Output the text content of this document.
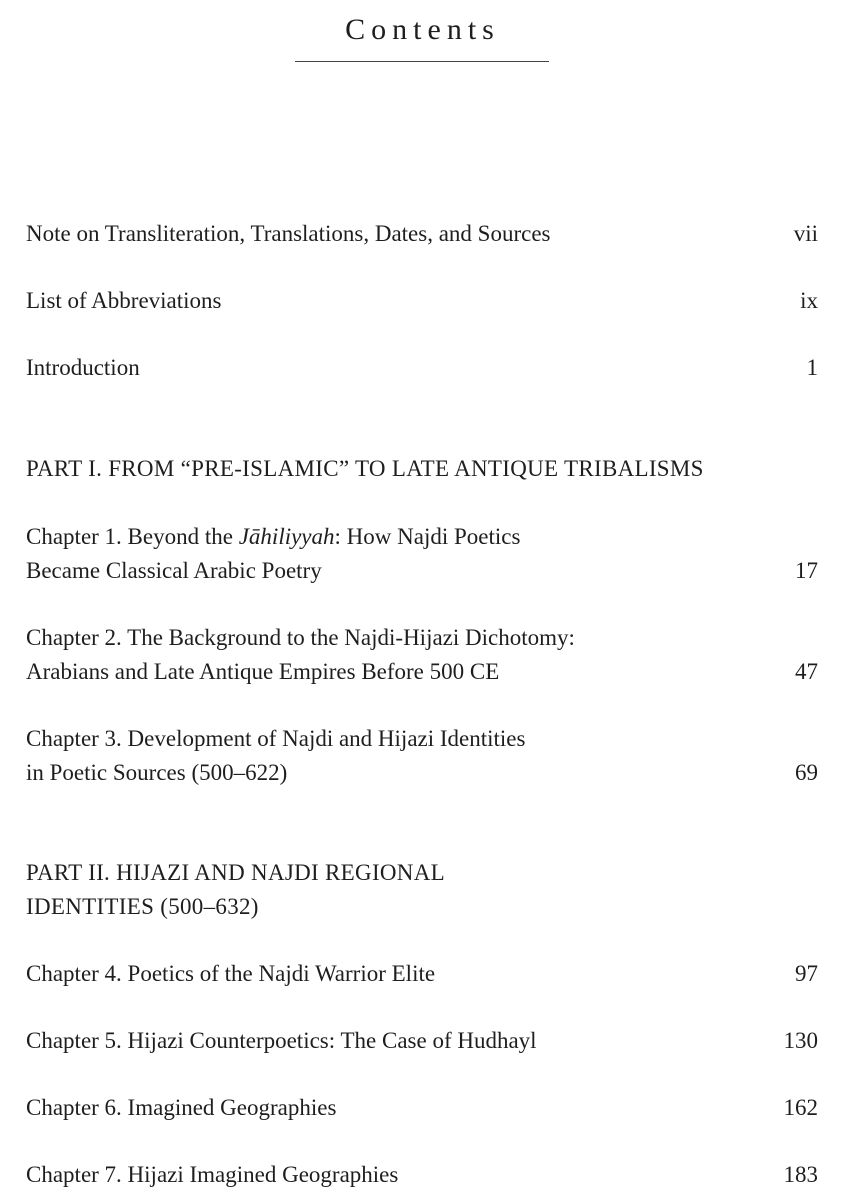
Contents
Note on Transliteration, Translations, Dates, and Sources	vii
List of Abbreviations	ix
Introduction	1
PART I. FROM “PRE-ISLAMIC” TO LATE ANTIQUE TRIBALISMS
Chapter 1. Beyond the Jāhiliyyah: How Najdi Poetics
Became Classical Arabic Poetry	17
Chapter 2. The Background to the Najdi-Hijazi Dichotomy:
Arabians and Late Antique Empires Before 500 CE	47
Chapter 3. Development of Najdi and Hijazi Identities
in Poetic Sources (500–622)	69
PART II. HIJAZI AND NAJDI REGIONAL
IDENTITIES (500–632)
Chapter 4. Poetics of the Najdi Warrior Elite	97
Chapter 5. Hijazi Counterpoetics: The Case of Hudhayl	130
Chapter 6. Imagined Geographies	162
Chapter 7. Hijazi Imagined Geographies	183
